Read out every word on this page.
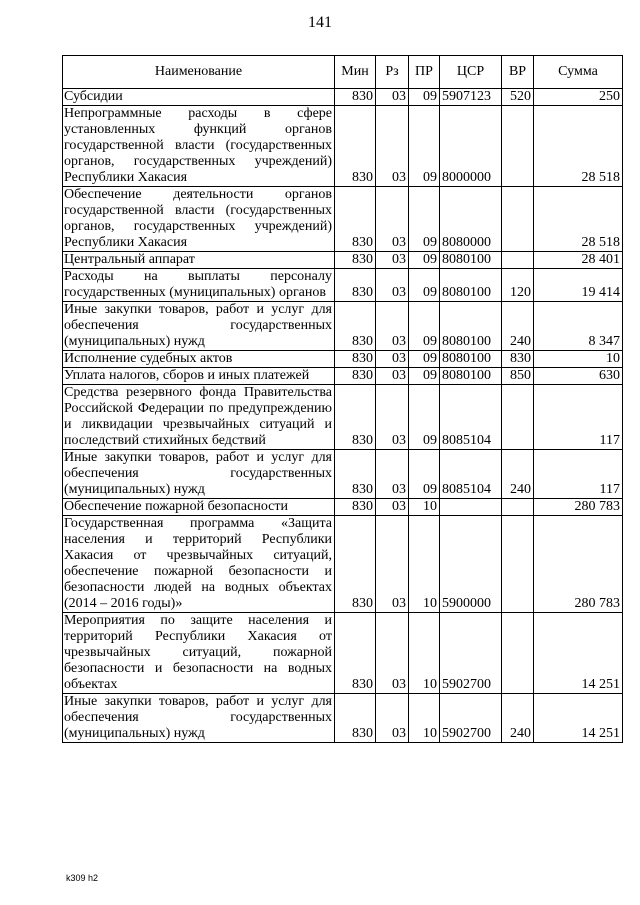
141
Наименование	Мин	Рз	ПР	ЦСР	ВР	Сумма
Субсидии	830	03	09	5907123	520	250
Непрограммные расходы в сфере установленных функций органов государственной власти (государственных органов, государственных учреждений) Республики Хакасия	830	03	09	8000000		28 518
Обеспечение деятельности органов государственной власти (государственных органов, государственных учреждений) Республики Хакасия	830	03	09	8080000		28 518
Центральный аппарат	830	03	09	8080100		28 401
Расходы на выплаты персоналу государственных (муниципальных) органов	830	03	09	8080100	120	19 414
Иные закупки товаров, работ и услуг для обеспечения государственных (муниципальных) нужд	830	03	09	8080100	240	8 347
Исполнение судебных актов	830	03	09	8080100	830	10
Уплата налогов, сборов и иных платежей	830	03	09	8080100	850	630
Средства резервного фонда Правительства Российской Федерации по предупреждению и ликвидации чрезвычайных ситуаций и последствий стихийных бедствий	830	03	09	8085104		117
Иные закупки товаров, работ и услуг для обеспечения государственных (муниципальных) нужд	830	03	09	8085104	240	117
Обеспечение пожарной безопасности	830	03	10			280 783
Государственная программа «Защита населения и территорий Республики Хакасия от чрезвычайных ситуаций, обеспечение пожарной безопасности и безопасности людей на водных объектах (2014 – 2016 годы)»	830	03	10	5900000		280 783
Мероприятия по защите населения и территорий Республики Хакасия от чрезвычайных ситуаций, пожарной безопасности и безопасности на водных объектах	830	03	10	5902700		14 251
Иные закупки товаров, работ и услуг для обеспечения государственных (муниципальных) нужд	830	03	10	5902700	240	14 251
k309 h2
